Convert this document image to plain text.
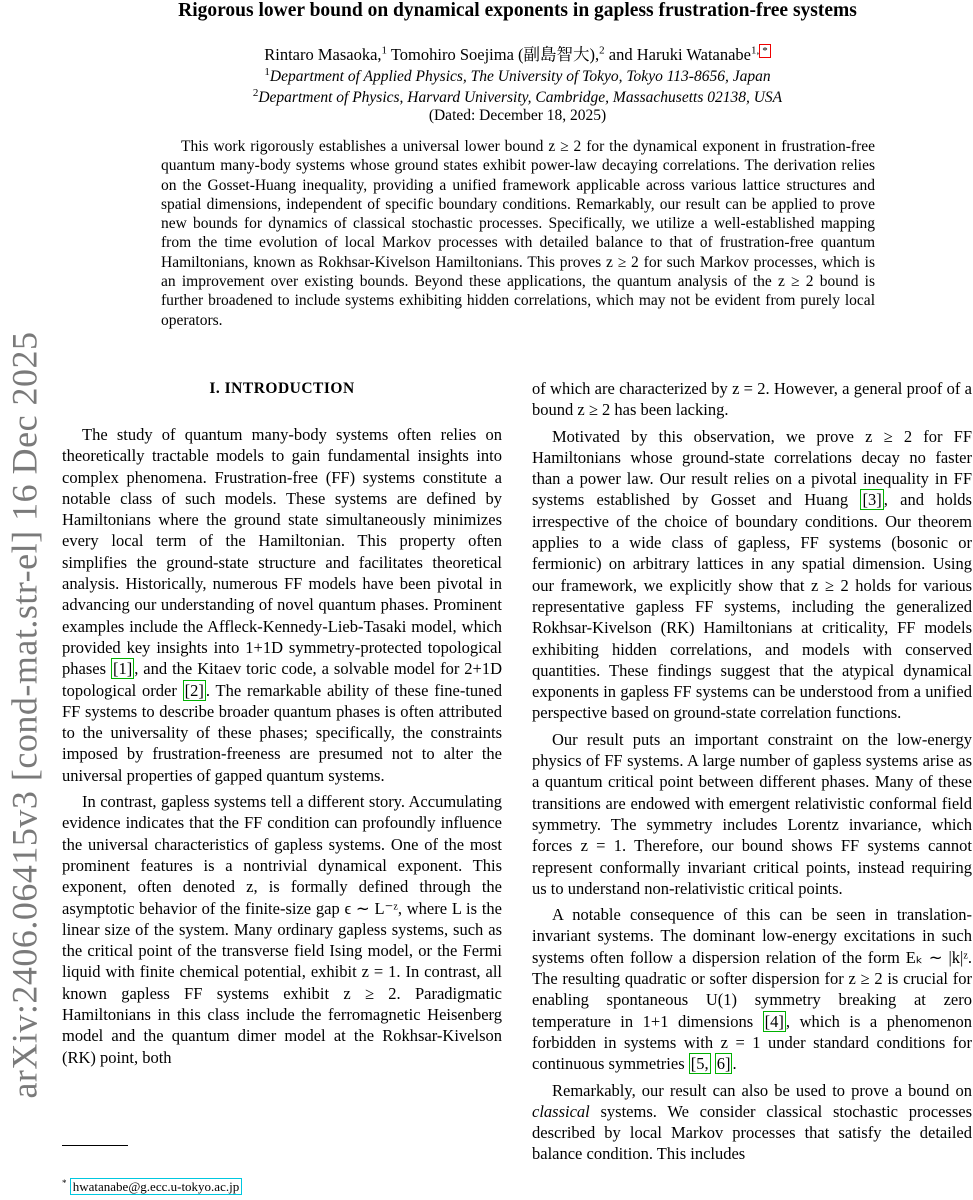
arXiv:2406.06415v3 [cond-mat.str-el] 16 Dec 2025
Rigorous lower bound on dynamical exponents in gapless frustration-free systems
Rintaro Masaoka,$^1$ Tomohiro Soejima (副島智大),$^2$ and Haruki Watanabe$^{1,}$ *
$^1$Department of Applied Physics, The University of Tokyo, Tokyo 113-8656, Japan
$^2$Department of Physics, Harvard University, Cambridge, Massachusetts 02138, USA
(Dated: December 18, 2025)

This work rigorously establishes a universal lower bound z ≥ 2 for the dynamical exponent in frustration-free quantum many-body systems whose ground states exhibit power-law decaying correlations. The derivation relies on the Gosset-Huang inequality, providing a unified framework applicable across various lattice structures and spatial dimensions, independent of specific boundary conditions. Remarkably, our result can be applied to prove new bounds for dynamics of classical stochastic processes. Specifically, we utilize a well-established mapping from the time evolution of local Markov processes with detailed balance to that of frustration-free quantum Hamiltonians, known as Rokhsar-Kivelson Hamiltonians. This proves z ≥ 2 for such Markov processes, which is an improvement over existing bounds. Beyond these applications, the quantum analysis of the z ≥ 2 bound is further broadened to include systems exhibiting hidden correlations, which may not be evident from purely local operators.

I. INTRODUCTION

The study of quantum many-body systems often relies on theoretically tractable models to gain fundamental insights into complex phenomena. Frustration-free (FF) systems constitute a notable class of such models. These systems are defined by Hamiltonians where the ground state simultaneously minimizes every local term of the Hamiltonian. This property often simplifies the ground-state structure and facilitates theoretical analysis. Historically, numerous FF models have been pivotal in advancing our understanding of novel quantum phases. Prominent examples include the Affleck-Kennedy-Lieb-Tasaki model, which provided key insights into 1+1D symmetry-protected topological phases [1] , and the Kitaev toric code, a solvable model for 2+1D topological order [2] . The remarkable ability of these fine-tuned FF systems to describe broader quantum phases is often attributed to the universality of these phases; specifically, the constraints imposed by frustration-freeness are presumed not to alter the universal properties of gapped quantum systems.

In contrast, gapless systems tell a different story. Accumulating evidence indicates that the FF condition can profoundly influence the universal characteristics of gapless systems. One of the most prominent features is a nontrivial dynamical exponent. This exponent, often denoted z, is formally defined through the asymptotic behavior of the finite-size gap ϵ ∼ L⁻ᶻ, where L is the linear size of the system. Many ordinary gapless systems, such as the critical point of the transverse field Ising model, or the Fermi liquid with finite chemical potential, exhibit z = 1. In contrast, all known gapless FF systems exhibit z ≥ 2. Paradigmatic Hamiltonians in this class include the ferromagnetic Heisenberg model and the quantum dimer model at the Rokhsar-Kivelson (RK) point, both

of which are characterized by z = 2. However, a general proof of a bound z ≥ 2 has been lacking.

Motivated by this observation, we prove z ≥ 2 for FF Hamiltonians whose ground-state correlations decay no faster than a power law. Our result relies on a pivotal inequality in FF systems established by Gosset and Huang [3] , and holds irrespective of the choice of boundary conditions. Our theorem applies to a wide class of gapless, FF systems (bosonic or fermionic) on arbitrary lattices in any spatial dimension. Using our framework, we explicitly show that z ≥ 2 holds for various representative gapless FF systems, including the generalized Rokhsar-Kivelson (RK) Hamiltonians at criticality, FF models exhibiting hidden correlations, and models with conserved quantities. These findings suggest that the atypical dynamical exponents in gapless FF systems can be understood from a unified perspective based on ground-state correlation functions.

Our result puts an important constraint on the low-energy physics of FF systems. A large number of gapless systems arise as a quantum critical point between different phases. Many of these transitions are endowed with emergent relativistic conformal field symmetry. The symmetry includes Lorentz invariance, which forces z = 1. Therefore, our bound shows FF systems cannot represent conformally invariant critical points, instead requiring us to understand non-relativistic critical points.

A notable consequence of this can be seen in translation-invariant systems. The dominant low-energy excitations in such systems often follow a dispersion relation of the form Eₖ ∼ |k|ᶻ. The resulting quadratic or softer dispersion for z ≥ 2 is crucial for enabling spontaneous U(1) symmetry breaking at zero temperature in 1+1 dimensions [4] , which is a phenomenon forbidden in systems with z = 1 under standard conditions for continuous symmetries [5, 6] .

Remarkably, our result can also be used to prove a bound on classical systems. We consider classical stochastic processes described by local Markov processes that satisfy the detailed balance condition. This includes

* hwatanabe@g.ecc.u-tokyo.ac.jp
